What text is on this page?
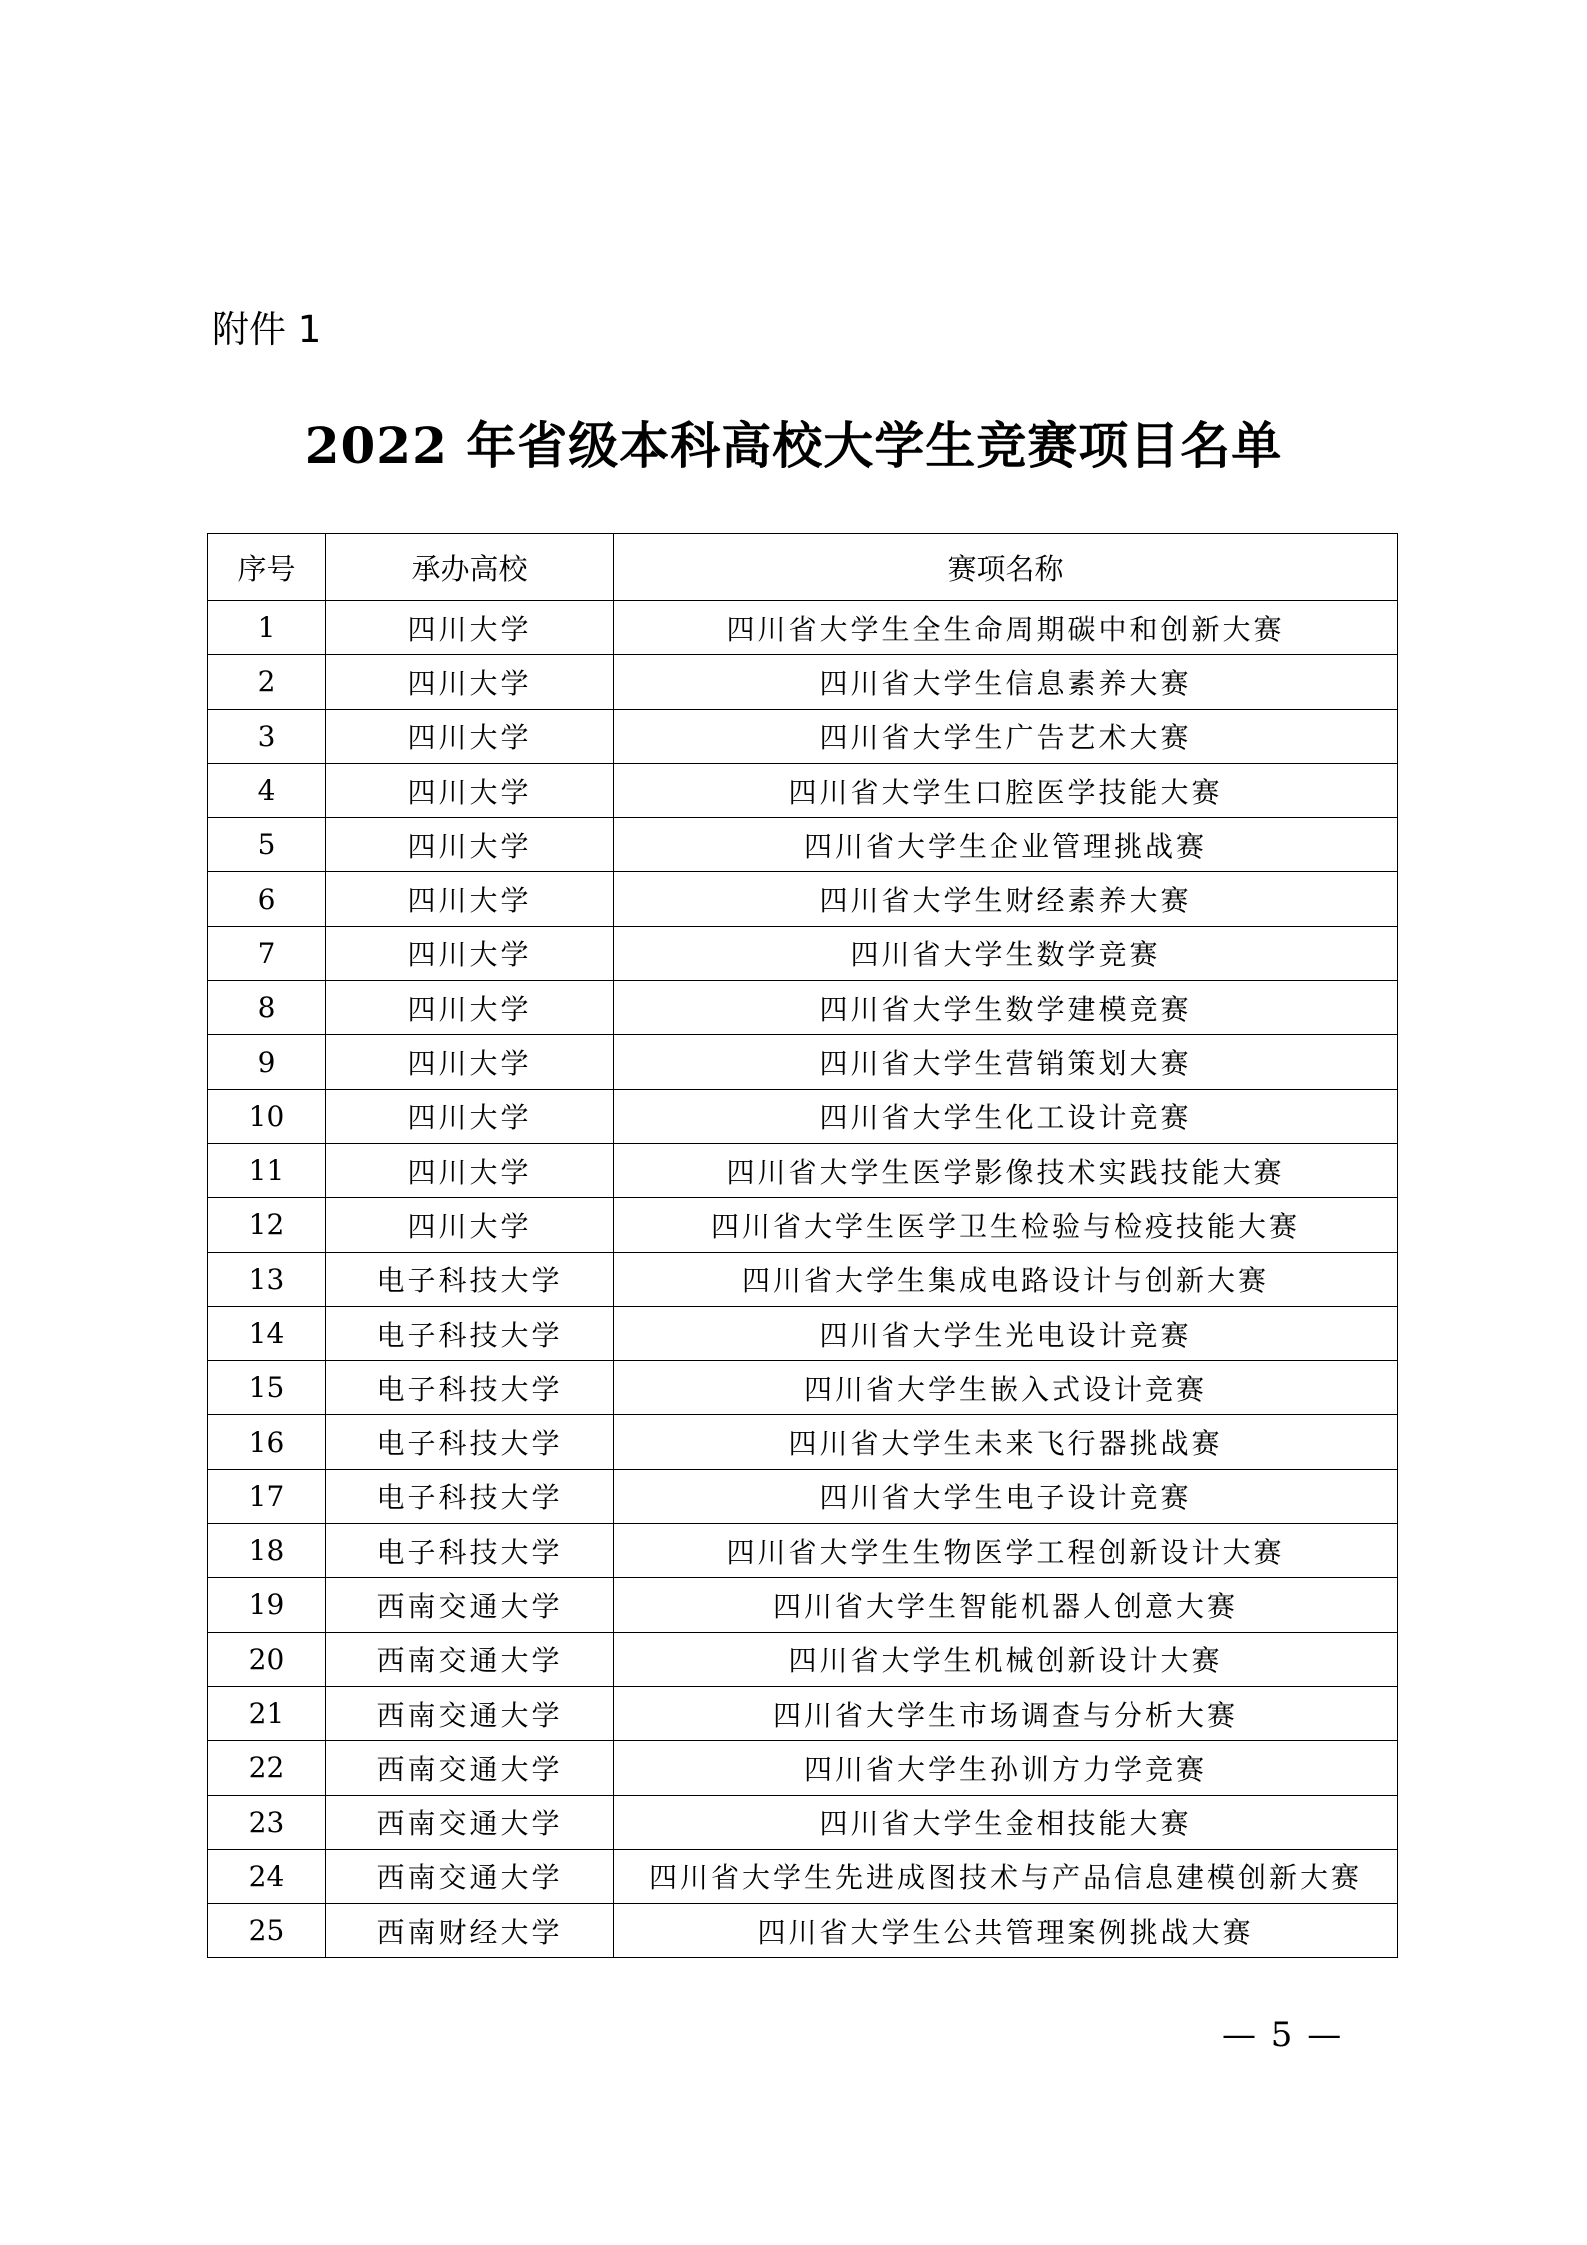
附件 1
2022 年省级本科高校大学生竞赛项目名单
序号	承办高校	赛项名称
1	四川大学	四川省大学生全生命周期碳中和创新大赛
2	四川大学	四川省大学生信息素养大赛
3	四川大学	四川省大学生广告艺术大赛
4	四川大学	四川省大学生口腔医学技能大赛
5	四川大学	四川省大学生企业管理挑战赛
6	四川大学	四川省大学生财经素养大赛
7	四川大学	四川省大学生数学竞赛
8	四川大学	四川省大学生数学建模竞赛
9	四川大学	四川省大学生营销策划大赛
10	四川大学	四川省大学生化工设计竞赛
11	四川大学	四川省大学生医学影像技术实践技能大赛
12	四川大学	四川省大学生医学卫生检验与检疫技能大赛
13	电子科技大学	四川省大学生集成电路设计与创新大赛
14	电子科技大学	四川省大学生光电设计竞赛
15	电子科技大学	四川省大学生嵌入式设计竞赛
16	电子科技大学	四川省大学生未来飞行器挑战赛
17	电子科技大学	四川省大学生电子设计竞赛
18	电子科技大学	四川省大学生生物医学工程创新设计大赛
19	西南交通大学	四川省大学生智能机器人创意大赛
20	西南交通大学	四川省大学生机械创新设计大赛
21	西南交通大学	四川省大学生市场调查与分析大赛
22	西南交通大学	四川省大学生孙训方力学竞赛
23	西南交通大学	四川省大学生金相技能大赛
24	西南交通大学	四川省大学生先进成图技术与产品信息建模创新大赛
25	西南财经大学	四川省大学生公共管理案例挑战大赛
— 5 —
